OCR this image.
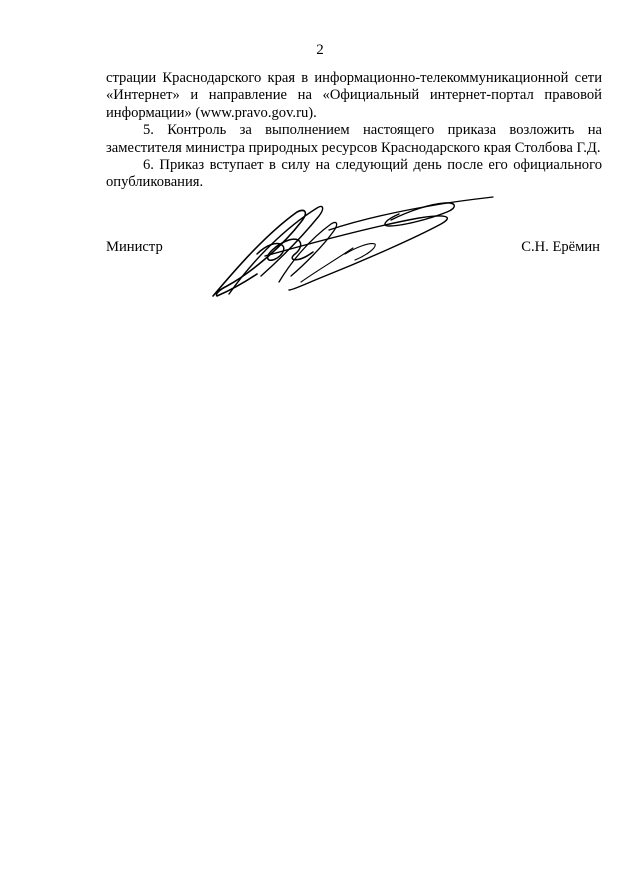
2

страции Краснодарского края в информационно-телекоммуникационной сети «Интернет» и направление на «Официальный интернет-портал правовой информации» (www.pravo.gov.ru).

5. Контроль за выполнением настоящего приказа возложить на заместителя министра природных ресурсов Краснодарского края Столбова Г.Д.

6. Приказ вступает в силу на следующий день после его официального опубликования.

Министр	С.Н. Ерёмин
